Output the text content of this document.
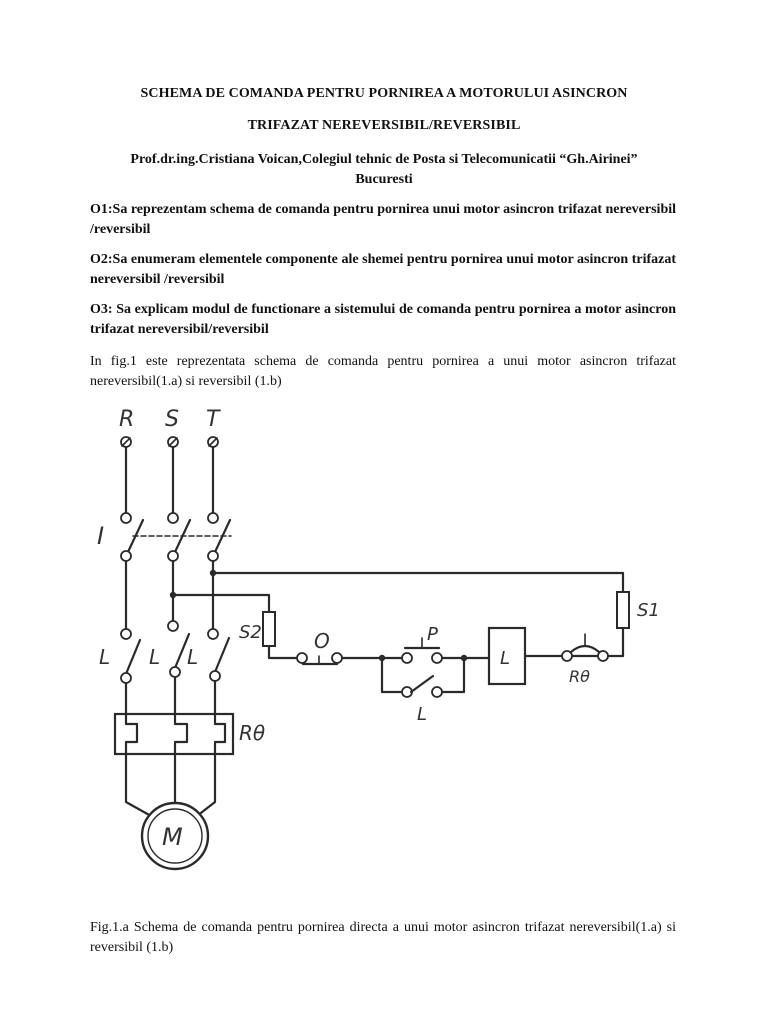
SCHEMA DE COMANDA PENTRU PORNIREA A MOTORULUI ASINCRON
TRIFAZAT NEREVERSIBIL/REVERSIBIL
Prof.dr.ing.Cristiana Voican,Colegiul tehnic de Posta si Telecomunicatii “Gh.Airinei”
Bucuresti
O1:Sa reprezentam schema de comanda pentru pornirea unui motor asincron trifazat nereversibil /reversibil
O2:Sa enumeram elementele componente ale shemei pentru pornirea unui motor asincron trifazat nereversibil /reversibil
O3: Sa explicam modul de functionare a sistemului de comanda pentru pornirea a motor asincron trifazat nereversibil/reversibil
In fig.1 este reprezentata schema de comanda pentru pornirea a unui motor asincron trifazat nereversibil(1.a) si reversibil (1.b)
R S T
I
S1
S2	O	P
L
L
Rθ
L L L
Rθ
M
Fig.1.a Schema de comanda pentru pornirea directa a unui motor asincron trifazat nereversibil(1.a) si reversibil (1.b)
